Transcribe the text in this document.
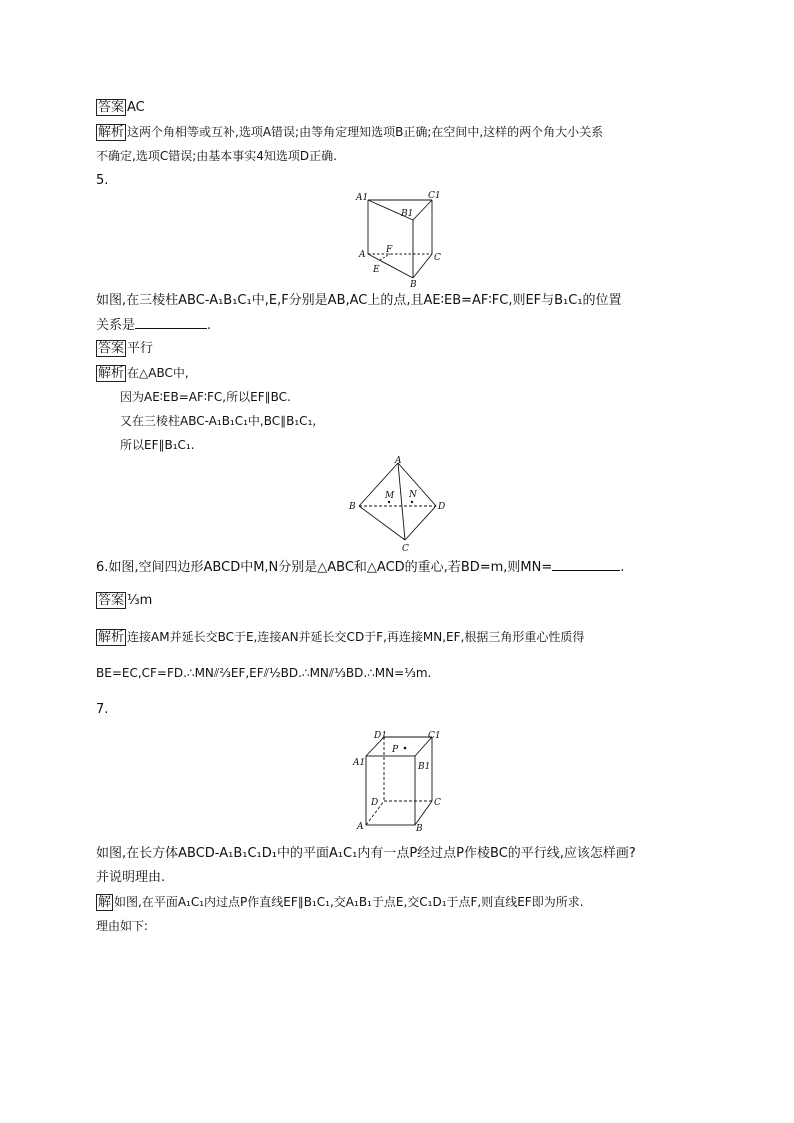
答案 AC
解析 这两个角相等或互补,选项A错误;由等角定理知选项B正确;在空间中,这样的两个角大小关系
不确定,选项C错误;由基本事实4知选项D正确.
5.
A1	C1
B1
A F
E
C
B
如图,在三棱柱ABC-A₁B₁C₁中,E,F分别是AB,AC上的点,且AE∶EB=AF∶FC,则EF与B₁C₁的位置
关系是	.
答案 平行
解析 在△ABC中,
因为AE∶EB=AF∶FC,所以EF∥BC.
又在三棱柱ABC-A₁B₁C₁中,BC∥B₁C₁,
所以EF∥B₁C₁.
A
M N
B	D
C
6.如图,空间四边形ABCD中M,N分别是△ABC和△ACD的重心,若BD=m,则MN=	.
答案 ⅓m
解析 连接AM并延长交BC于E,连接AN并延长交CD于F,再连接MN,EF,根据三角形重心性质得
BE=EC,CF=FD.∴MN⫽⅔EF,EF⫽½BD.∴MN⫽⅓BD.∴MN=⅓m.
7.
D1	C1
P
A1	B1
D	C
A	B
如图,在长方体ABCD-A₁B₁C₁D₁中的平面A₁C₁内有一点P经过点P作棱BC的平行线,应该怎样画?
并说明理由.
解 如图,在平面A₁C₁内过点P作直线EF∥B₁C₁,交A₁B₁于点E,交C₁D₁于点F,则直线EF即为所求.
理由如下:
